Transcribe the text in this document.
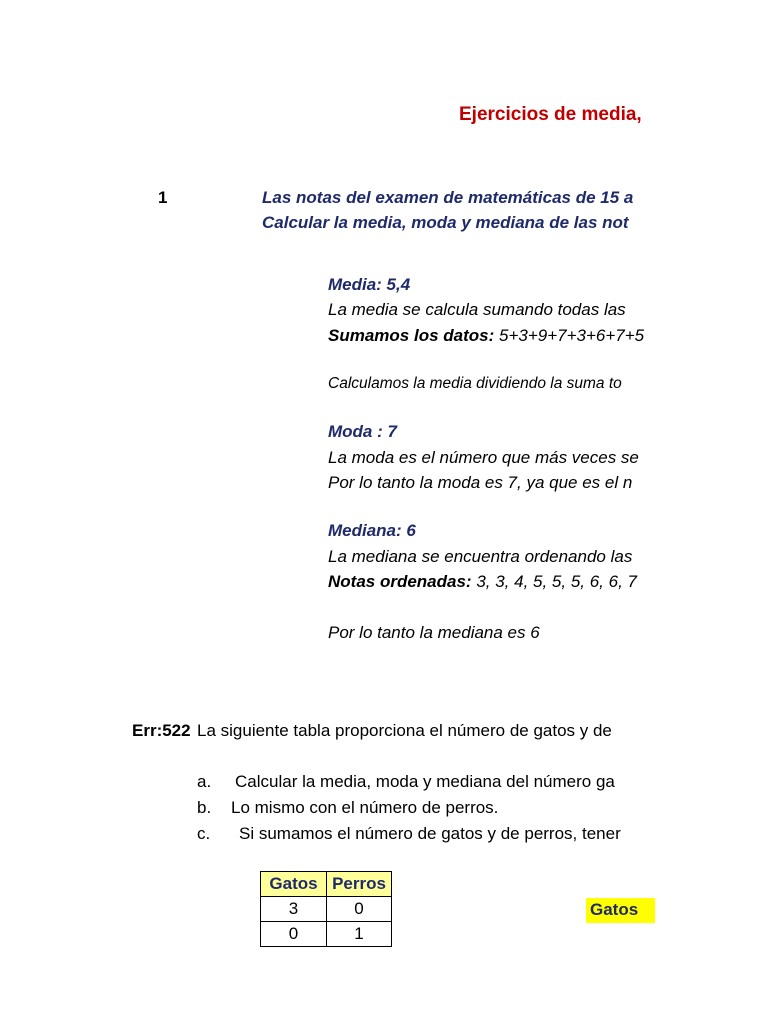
Ejercicios de media,
1	Las notas del examen de matemáticas de 15 a
Calcular la media, moda y mediana de las not
Media: 5,4
La media se calcula sumando todas las
Sumamos los datos: 5+3+9+7+3+6+7+5
Calculamos la media dividiendo la suma to
Moda : 7
La moda es el número que más veces se
Por lo tanto la moda es 7, ya que es el n
Mediana: 6
La mediana se encuentra ordenando las
Notas ordenadas: 3, 3, 4, 5, 5, 5, 6, 6, 7
Por lo tanto la mediana es 6
Err:522 La siguiente tabla proporciona el número de gatos y de
a. Calcular la media, moda y mediana del número ga
b. Lo mismo con el número de perros.
c. Si sumamos el número de gatos y de perros, tener
Gatos	Perros
3	0
0	1
Gatos
